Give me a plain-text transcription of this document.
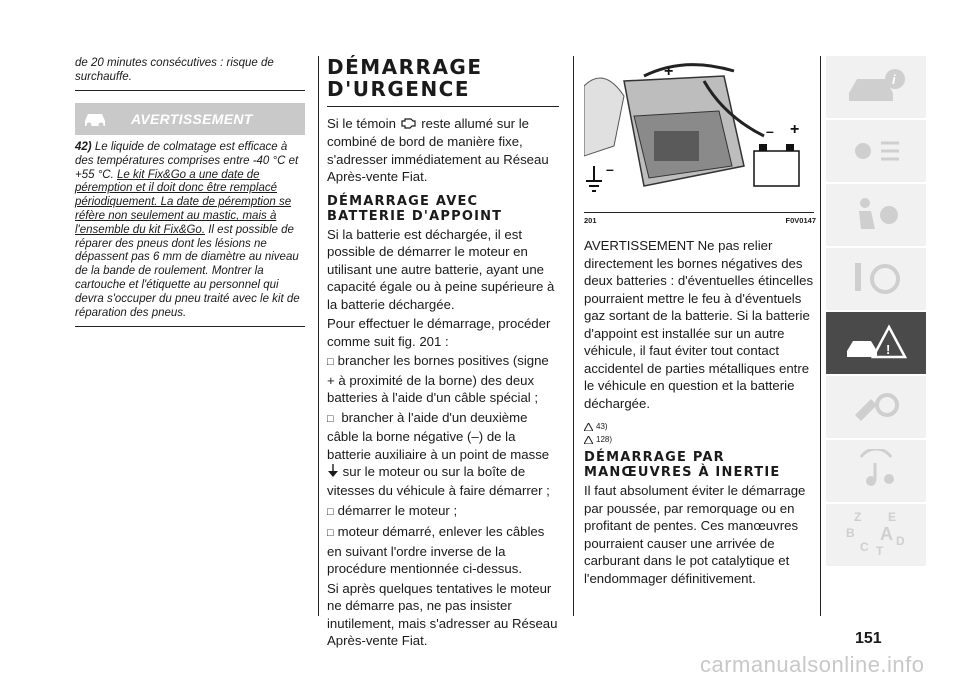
de 20 minutes consécutives : risque de surchauffe.
AVERTISSEMENT
42) Le liquide de colmatage est efficace à des températures comprises entre -40 °C et +55 °C. Le kit Fix&Go a une date de péremption et il doit donc être remplacé périodiquement. La date de péremption se réfère non seulement au mastic, mais à l'ensemble du kit Fix&Go. Il est possible de réparer des pneus dont les lésions ne dépassent pas 6 mm de diamètre au niveau de la bande de roulement. Montrer la cartouche et l'étiquette au personnel qui devra s'occuper du pneu traité avec le kit de réparation des pneus.
DÉMARRAGE D'URGENCE
Si le témoin reste allumé sur le combiné de bord de manière fixe, s'adresser immédiatement au Réseau Après-vente Fiat.
DÉMARRAGE AVEC BATTERIE D'APPOINT
Si la batterie est déchargée, il est possible de démarrer le moteur en utilisant une autre batterie, ayant une capacité égale ou à peine supérieure à la batterie déchargée.
Pour effectuer le démarrage, procéder comme suit fig. 201 :
□ brancher les bornes positives (signe + à proximité de la borne) des deux batteries à l'aide d'un câble spécial ;
□ brancher à l'aide d'un deuxième câble la borne négative (–) de la batterie auxiliaire à un point de masse  sur le moteur ou sur la boîte de vitesses du véhicule à faire démarrer ;
□ démarrer le moteur ;
□ moteur démarré, enlever les câbles en suivant l'ordre inverse de la procédure mentionnée ci-dessus.
Si après quelques tentatives le moteur ne démarre pas, ne pas insister inutilement, mais s'adresser au Réseau Après-vente Fiat.
+
– +
–
201	F0V0147
AVERTISSEMENT Ne pas relier directement les bornes négatives des deux batteries : d'éventuelles étincelles pourraient mettre le feu à d'éventuels gaz sortant de la batterie. Si la batterie d'appoint est installée sur un autre véhicule, il faut éviter tout contact accidentel de parties métalliques entre le véhicule en question et la batterie déchargée.
43)
128)
DÉMARRAGE PAR MANŒUVRES À INERTIE
Il faut absolument éviter le démarrage par poussée, par remorquage ou en profitant de pentes. Ces manœuvres pourraient causer une arrivée de carburant dans le pot catalytique et l'endommager définitivement.
i
!
Z E
B A
C D
T
151
carmanualsonline.info
